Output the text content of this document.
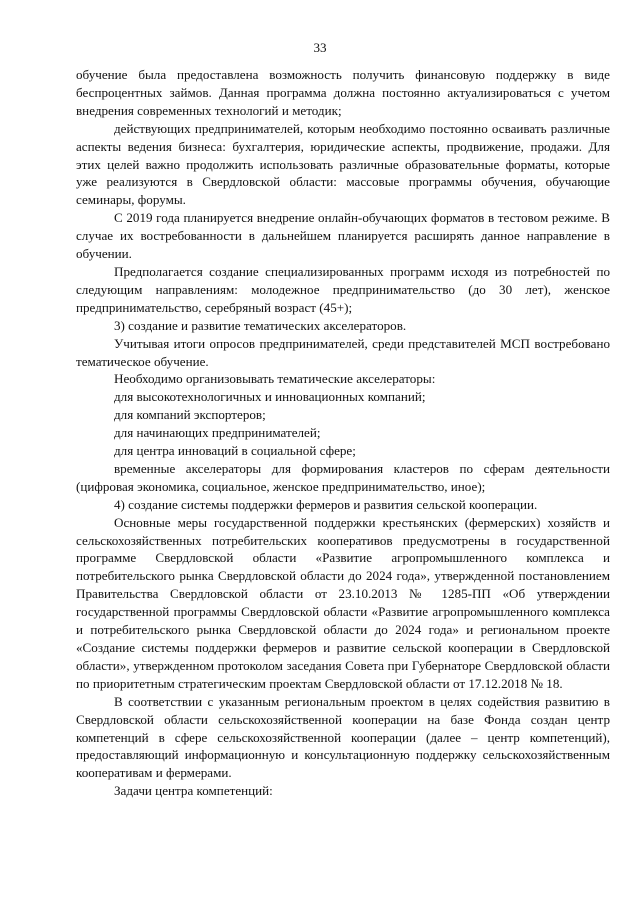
33

обучение была предоставлена возможность получить финансовую поддержку в виде беспроцентных займов. Данная программа должна постоянно актуализироваться с учетом внедрения современных технологий и методик;

действующих предпринимателей, которым необходимо постоянно осваивать различные аспекты ведения бизнеса: бухгалтерия, юридические аспекты, продвижение, продажи. Для этих целей важно продолжить использовать различные образовательные форматы, которые уже реализуются в Свердловской области: массовые программы обучения, обучающие семинары, форумы.

С 2019 года планируется внедрение онлайн-обучающих форматов в тестовом режиме. В случае их востребованности в дальнейшем планируется расширять данное направление в обучении.

Предполагается создание специализированных программ исходя из потребностей по следующим направлениям: молодежное предпринимательство (до 30 лет), женское предпринимательство, серебряный возраст (45+);

3) создание и развитие тематических акселераторов.

Учитывая итоги опросов предпринимателей, среди представителей МСП востребовано тематическое обучение.

Необходимо организовывать тематические акселераторы:

для высокотехнологичных и инновационных компаний;

для компаний экспортеров;

для начинающих предпринимателей;

для центра инноваций в социальной сфере;

временные акселераторы для формирования кластеров по сферам деятельности (цифровая экономика, социальное, женское предпринимательство, иное);

4) создание системы поддержки фермеров и развития сельской кооперации.

Основные меры государственной поддержки крестьянских (фермерских) хозяйств и сельскохозяйственных потребительских кооперативов предусмотрены в государственной программе Свердловской области «Развитие агропромышленного комплекса и потребительского рынка Свердловской области до 2024 года», утвержденной постановлением Правительства Свердловской области от 23.10.2013 № 1285-ПП «Об утверждении государственной программы Свердловской области «Развитие агропромышленного комплекса и потребительского рынка Свердловской области до 2024 года» и региональном проекте «Создание системы поддержки фермеров и развитие сельской кооперации в Свердловской области», утвержденном протоколом заседания Совета при Губернаторе Свердловской области по приоритетным стратегическим проектам Свердловской области от 17.12.2018 № 18.

В соответствии с указанным региональным проектом в целях содействия развитию в Свердловской области сельскохозяйственной кооперации на базе Фонда создан центр компетенций в сфере сельскохозяйственной кооперации (далее – центр компетенций), предоставляющий информационную и консультационную поддержку сельскохозяйственным кооперативам и фермерами.

Задачи центра компетенций:
